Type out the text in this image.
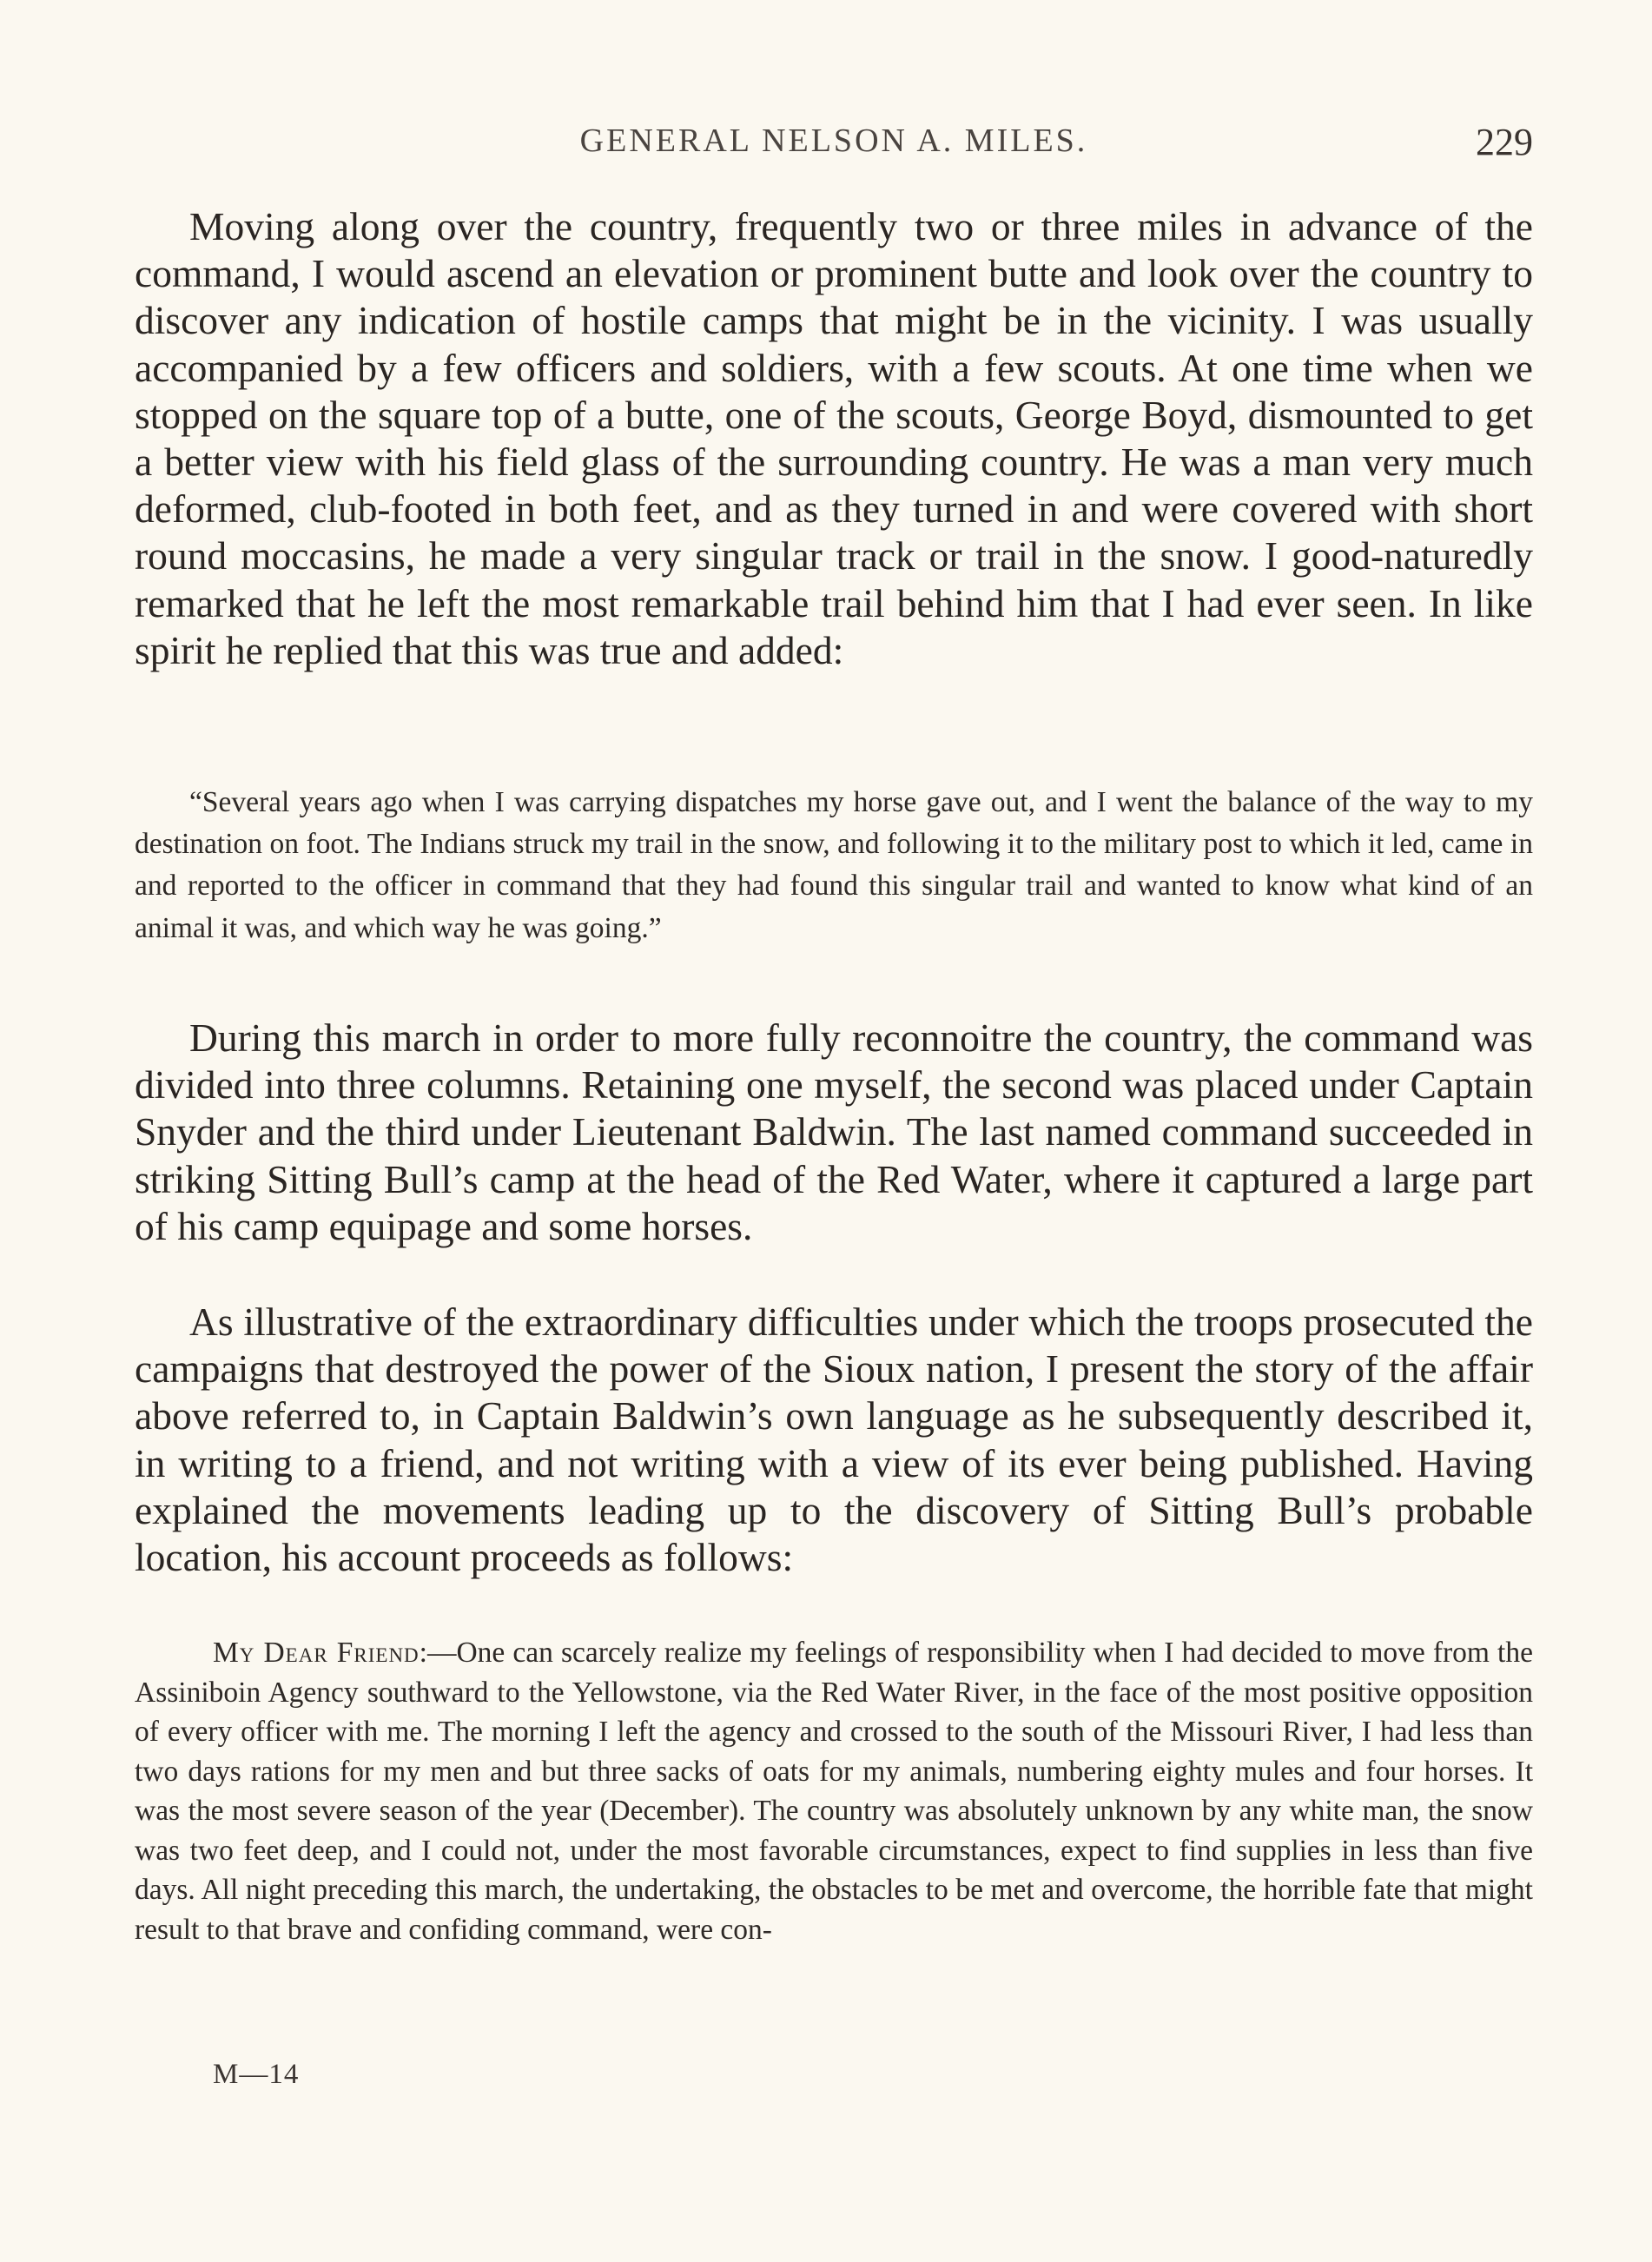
GENERAL NELSON A. MILES.	229

Moving along over the country, frequently two or three miles in advance of the command, I would ascend an elevation or prominent butte and look over the country to discover any indication of hostile camps that might be in the vicinity. I was usually accompanied by a few officers and soldiers, with a few scouts. At one time when we stopped on the square top of a butte, one of the scouts, George Boyd, dismounted to get a better view with his field glass of the surrounding country. He was a man very much deformed, club-footed in both feet, and as they turned in and were covered with short round moccasins, he made a very singular track or trail in the snow. I good-naturedly remarked that he left the most remarkable trail behind him that I had ever seen. In like spirit he replied that this was true and added:

“Several years ago when I was carrying dispatches my horse gave out, and I went the balance of the way to my destination on foot. The Indians struck my trail in the snow, and following it to the military post to which it led, came in and reported to the officer in command that they had found this singular trail and wanted to know what kind of an animal it was, and which way he was going.”

During this march in order to more fully reconnoitre the country, the command was divided into three columns. Retaining one myself, the second was placed under Captain Snyder and the third under Lieutenant Baldwin. The last named command succeeded in striking Sitting Bull’s camp at the head of the Red Water, where it captured a large part of his camp equipage and some horses.

As illustrative of the extraordinary difficulties under which the troops prosecuted the campaigns that destroyed the power of the Sioux nation, I present the story of the affair above referred to, in Captain Baldwin’s own language as he subsequently described it, in writing to a friend, and not writing with a view of its ever being published. Having explained the movements leading up to the discovery of Sitting Bull’s probable location, his account proceeds as follows:

My Dear Friend:—One can scarcely realize my feelings of responsibility when I had decided to move from the Assiniboin Agency southward to the Yellowstone, via the Red Water River, in the face of the most positive opposition of every officer with me. The morning I left the agency and crossed to the south of the Missouri River, I had less than two days rations for my men and but three sacks of oats for my animals, numbering eighty mules and four horses. It was the most severe season of the year (December). The country was absolutely unknown by any white man, the snow was two feet deep, and I could not, under the most favorable circumstances, expect to find supplies in less than five days. All night preceding this march, the undertaking, the obstacles to be met and overcome, the horrible fate that might result to that brave and confiding command, were con-

M—14
